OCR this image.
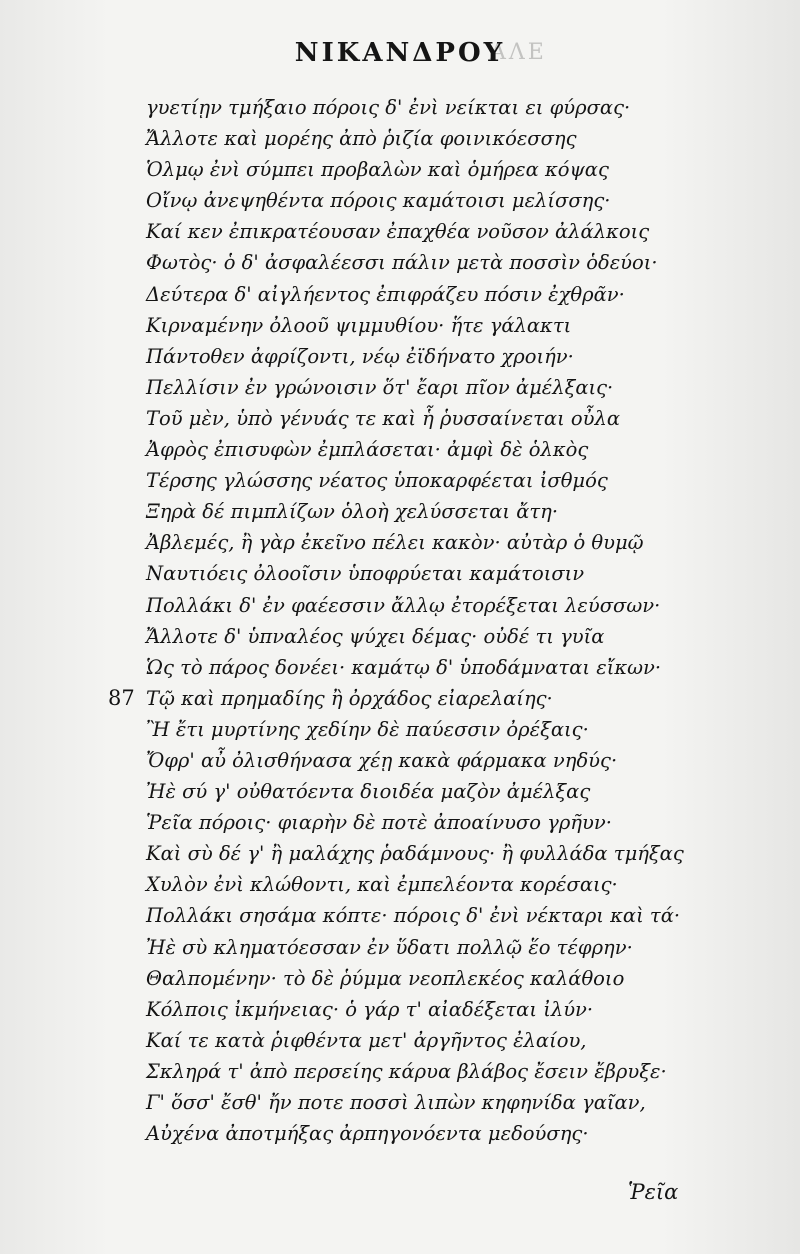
ΑΛΕ
ΝΙΚΑΝΔΡΟΥ
γυετίῃν τμήξαιο πόροις δ' ἐνὶ νείκται ει φύρσας·
Ἄλλοτε καὶ μορέης ἀπὸ ῥιζία φοινικόεσσης
Ὁλμῳ ἐνὶ σύμπει προβαλὼν καὶ ὁμήρεα κόψας
Οἴνῳ ἀνεψηθέντα πόροις καμάτοισι μελίσσης·
Καί κεν ἐπικρατέουσαν ἐπαχθέα νοῦσον ἀλάλκοις
Φωτὸς· ὁ δ' ἀσφαλέεσσι πάλιν μετὰ ποσσὶν ὁδεύοι·
Δεύτερα δ' αἰγλήεντος ἐπιφράζευ πόσιν ἐχθρᾶν·
Κιρναμένην ὀλοοῦ ψιμμυθίου· ἥτε γάλακτι
Πάντοθεν ἀφρίζοντι, νέῳ ἐϊδήνατο χροιήν·
Πελλίσιν ἐν γρώνοισιν ὅτ' ἔαρι πῖον ἀμέλξαις·
Τοῦ μὲν, ὑπὸ γένυάς τε καὶ ἧ ῥυσσαίνεται οὖλα
Ἀφρὸς ἐπισυφὼν ἐμπλάσεται· ἀμφὶ δὲ ὁλκὸς
Τέρσης γλώσσης νέατος ὑποκαρφέεται ἰσθμός
Ξηρὰ δέ πιμπλίζων ὁλοὴ χελύσσεται ἄτη·
Ἀβλεμές, ἢ γὰρ ἐκεῖνο πέλει κακὸν· αὐτὰρ ὁ θυμῷ
Ναυτιόεις ὀλοοῖσιν ὑποφρύεται καμάτοισιν
Πολλάκι δ' ἐν φαέεσσιν ἄλλῳ ἐτορέξεται λεύσσων·
Ἄλλοτε δ' ὑπναλέος ψύχει δέμας· οὐδέ τι γυῖα
Ὡς τὸ πάρος δονέει· καμάτῳ δ' ὑποδάμναται εἴκων·
Τῷ καὶ πρημαδίης ἢ ὀρχάδος εἰαρελαίης·
87
Ἢ ἔτι μυρτίνης χεδίην δὲ παύεσσιν ὀρέξαις·
Ὄφρ' αὖ ὀλισθήνασα χέῃ κακὰ φάρμακα νηδύς·
Ἠὲ σύ γ' οὐθατόεντα διοιδέα μαζὸν ἀμέλξας
Ῥεῖα πόροις· φιαρὴν δὲ ποτὲ ἀποαίνυσο γρῆυν·
Καὶ σὺ δέ γ' ἢ μαλάχης ῥαδάμνους· ἢ φυλλάδα τμήξας
Χυλὸν ἐνὶ κλώθοντι, καὶ ἐμπελέοντα κορέσαις·
Πολλάκι σησάμα κόπτε· πόροις δ' ἐνὶ νέκταρι καὶ τά·
Ἠὲ σὺ κληματόεσσαν ἐν ὕδατι πολλῷ ἕο τέφρην·
Θαλπομένην· τὸ δὲ ῥύμμα νεοπλεκέος καλάθοιο
Κόλποις ἰκμήνειας· ὁ γάρ τ' αἰαδέξεται ἰλύν·
Καί τε κατὰ ῥιφθέντα μετ' ἀργῆντος ἐλαίου,
Σκληρά τ' ἀπὸ περσείης κάρυα βλάβος ἔσειν ἔβρυξε·
Γ' ὅσσ' ἔσθ' ἤν ποτε ποσσὶ λιπὼν κηφηνίδα γαῖαν,
Αὐχένα ἀποτμήξας ἀρπηγονόεντα μεδούσης·
Ῥεῖα
